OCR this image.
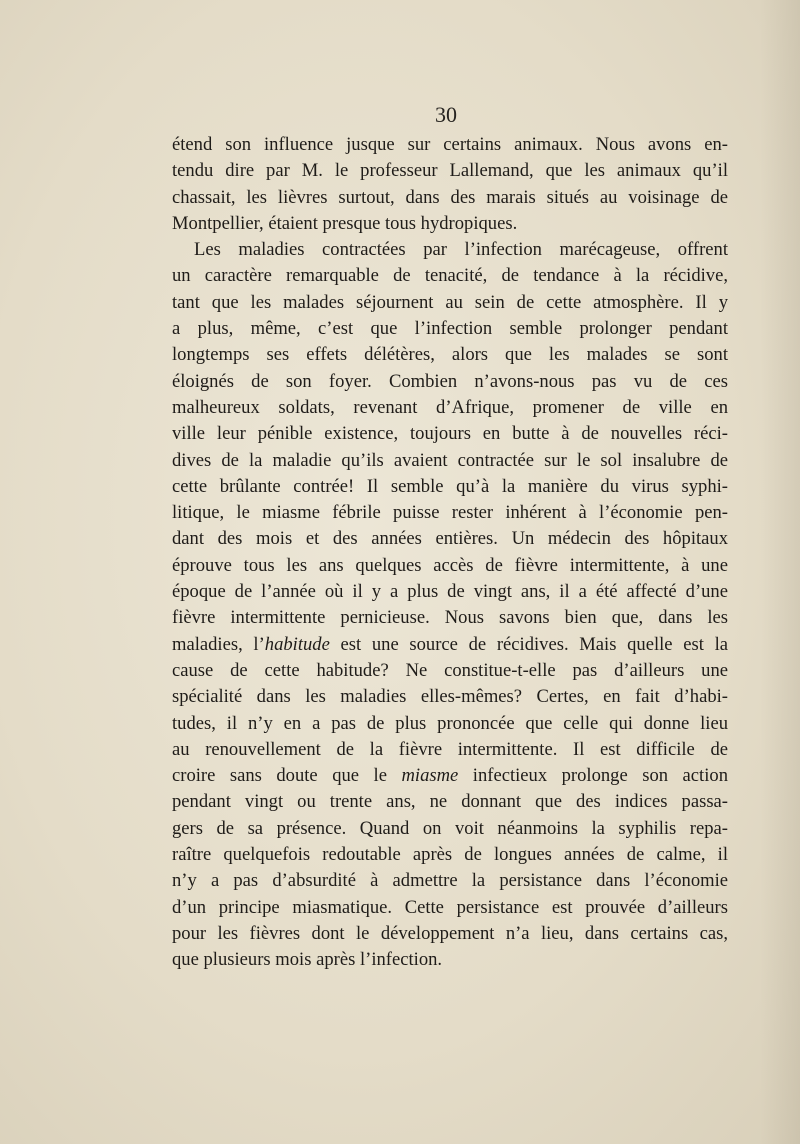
30
étend son influence jusque sur certains animaux. Nous avons en-
tendu dire par M. le professeur Lallemand, que les animaux qu’il
chassait, les lièvres surtout, dans des marais situés au voisinage de
Montpellier, étaient presque tous hydropiques.
Les maladies contractées par l’infection marécageuse, offrent
un caractère remarquable de tenacité, de tendance à la récidive,
tant que les malades séjournent au sein de cette atmosphère. Il y
a plus, même, c’est que l’infection semble prolonger pendant
longtemps ses effets délétères, alors que les malades se sont
éloignés de son foyer. Combien n’avons-nous pas vu de ces
malheureux soldats, revenant d’Afrique, promener de ville en
ville leur pénible existence, toujours en butte à de nouvelles réci-
dives de la maladie qu’ils avaient contractée sur le sol insalubre de
cette brûlante contrée! Il semble qu’à la manière du virus syphi-
litique, le miasme fébrile puisse rester inhérent à l’économie pen-
dant des mois et des années entières. Un médecin des hôpitaux
éprouve tous les ans quelques accès de fièvre intermittente, à une
époque de l’année où il y a plus de vingt ans, il a été affecté d’une
fièvre intermittente pernicieuse. Nous savons bien que, dans les
maladies, l’habitude est une source de récidives. Mais quelle est la
cause de cette habitude? Ne constitue-t-elle pas d’ailleurs une
spécialité dans les maladies elles-mêmes? Certes, en fait d’habi-
tudes, il n’y en a pas de plus prononcée que celle qui donne lieu
au renouvellement de la fièvre intermittente. Il est difficile de
croire sans doute que le miasme infectieux prolonge son action
pendant vingt ou trente ans, ne donnant que des indices passa-
gers de sa présence. Quand on voit néanmoins la syphilis repa-
raître quelquefois redoutable après de longues années de calme, il
n’y a pas d’absurdité à admettre la persistance dans l’économie
d’un principe miasmatique. Cette persistance est prouvée d’ailleurs
pour les fièvres dont le développement n’a lieu, dans certains cas,
que plusieurs mois après l’infection.
